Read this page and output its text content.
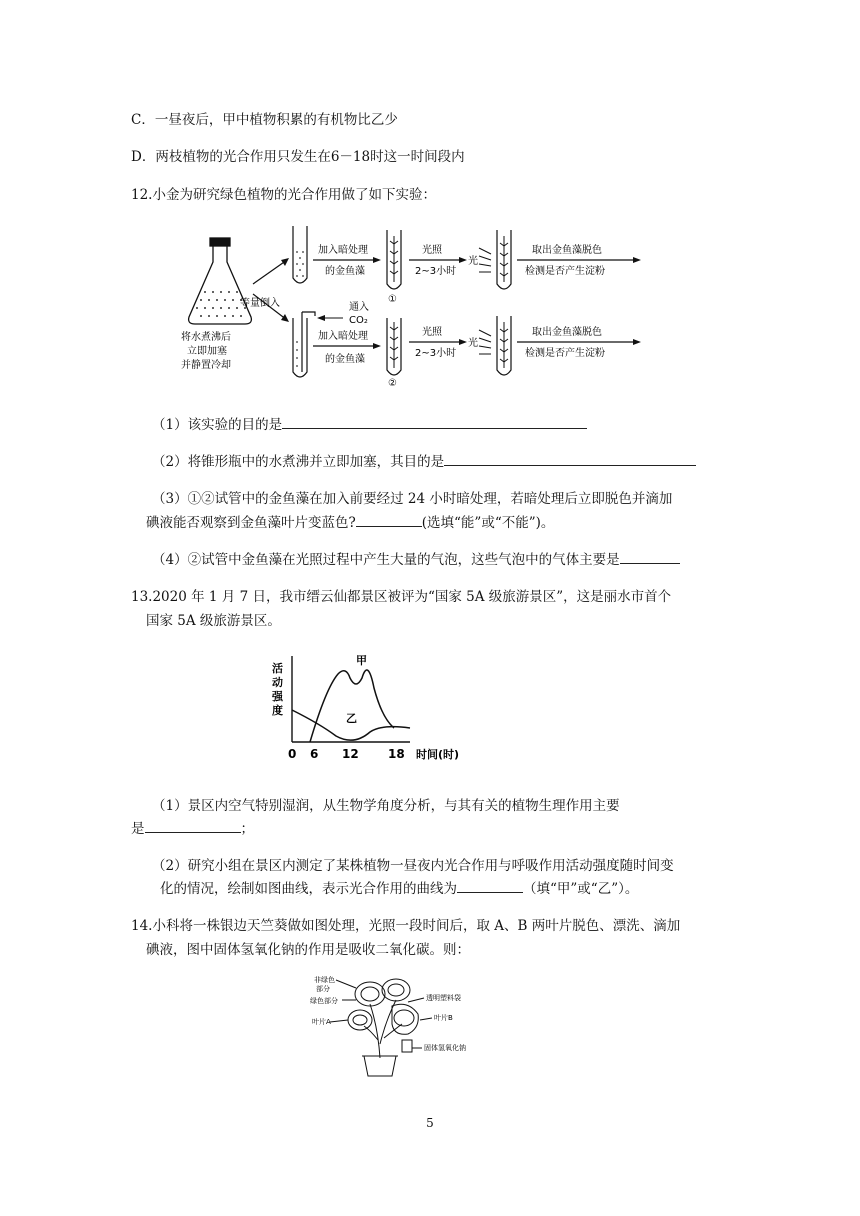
C．一昼夜后，甲中植物积累的有机物比乙少
D．两枝植物的光合作用只发生在6－18时这一时间段内
12.小金为研究绿色植物的光合作用做了如下实验：
将水煮沸后
立即加塞
并静置冷却
等量倒入
加入暗处理
的金鱼藻
①
光照
2~3小时
光
取出金鱼藻脱色
检测是否产生淀粉
通入
CO₂
加入暗处理
的金鱼藻
②
光照
2~3小时
光
取出金鱼藻脱色
检测是否产生淀粉
（1）该实验的目的是
（2）将锥形瓶中的水煮沸并立即加塞，其目的是
（3）①②试管中的金鱼藻在加入前要经过 24 小时暗处理，若暗处理后立即脱色并滴加
碘液能否观察到金鱼藻叶片变蓝色?	(选填“能”或“不能”)。
（4）②试管中金鱼藻在光照过程中产生大量的气泡，这些气泡中的气体主要是
13.2020 年 1 月 7 日，我市缙云仙都景区被评为“国家 5A 级旅游景区”，这是丽水市首个
国家 5A 级旅游景区。
活
动
强
度
甲
乙
0 6 12 18 时间(时)
（1）景区内空气特别湿润，从生物学角度分析，与其有关的植物生理作用主要
是	；
（2）研究小组在景区内测定了某株植物一昼夜内光合作用与呼吸作用活动强度随时间变
化的情况，绘制如图曲线，表示光合作用的曲线为	（填“甲”或“乙”）。
14.小科将一株银边天竺葵做如图处理，光照一段时间后，取 A、B 两叶片脱色、漂洗、滴加
碘液，图中固体氢氧化钠的作用是吸收二氧化碳。则：
非绿色
部分
绿色部分
叶片A
透明塑料袋
叶片B
固体氢氧化钠
5
